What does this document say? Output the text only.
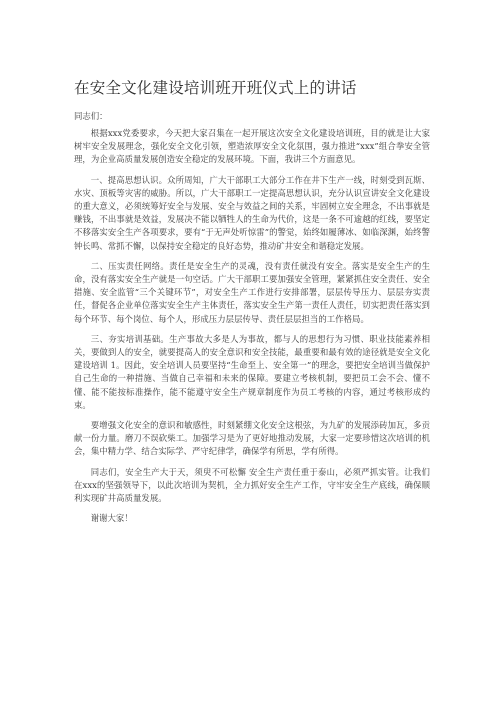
在安全文化建设培训班开班仪式上的讲话

同志们：

根据xxx党委要求，今天把大家召集在一起开展这次安全文化建设培训班，目的就是让大家树牢安全发展理念，强化安全文化引领，塑造浓厚安全文化氛围，强力推进“xxx”组合拳安全管理，为企业高质量发展创造安全稳定的发展环境。下面，我讲三个方面意见。

一、提高思想认识。众所周知，广大干部职工大部分工作在井下生产一线，时刻受到瓦斯、水灾、顶板等灾害的威胁。所以，广大干部职工一定提高思想认识，充分认识宣讲安全文化建设的重大意义，必须统筹好安全与发展、安全与效益之间的关系，牢固树立安全理念，不出事就是赚钱，不出事就是效益，发展决不能以牺牲人的生命为代价，这是一条不可逾越的红线，要坚定不移落实安全生产各项要求，要有“于无声处听惊雷”的警觉，始终如履薄冰、如临深渊，始终警钟长鸣、常抓不懈，以保持安全稳定的良好态势，推动矿井安全和谐稳定发展。

二、压实责任网络。责任是安全生产的灵魂，没有责任就没有安全。落实是安全生产的生命，没有落实安全生产就是一句空话。广大干部职工要加强安全管理，紧紧抓住安全责任、安全措施、安全监管“三个关键环节”，对安全生产工作进行安排部署，层层传导压力、层层夯实责任，督促各企业单位落实安全生产主体责任，落实安全生产第一责任人责任，切实把责任落实到每个环节、每个岗位、每个人，形成压力层层传导、责任层层担当的工作格局。

三、夯实培训基础。生产事故大多是人为事故，都与人的思想行为习惯、职业技能素养相关，要做到人的安全，就要提高人的安全意识和安全技能，最重要和最有效的途径就是安全文化建设培训 1。因此，安全培训人员要坚持“生命至上、安全第一”的理念，要把安全培训当做保护自己生命的一种措施、当做自己幸福和未来的保障。要建立考核机制，要把员工会不会、懂不懂、能不能按标准操作，能不能遵守安全生产规章制度作为员工考核的内容，通过考核形成约束。

要增强文化安全的意识和敏感性，时刻紧绷文化安全这根弦，为九矿的发展添砖加瓦，多贡献一份力量。磨刀不误砍柴工。加强学习是为了更好地推动发展，大家一定要珍惜这次培训的机会，集中精力学、结合实际学、严守纪律学，确保学有所思，学有所得。

同志们，安全生产大于天，须臾不可松懈 安全生产责任重于泰山，必须严抓实管。让我们在xxx的坚强领导下，以此次培训为契机，全力抓好安全生产工作，守牢安全生产底线，确保顺利实现矿井高质量发展。

谢谢大家！
